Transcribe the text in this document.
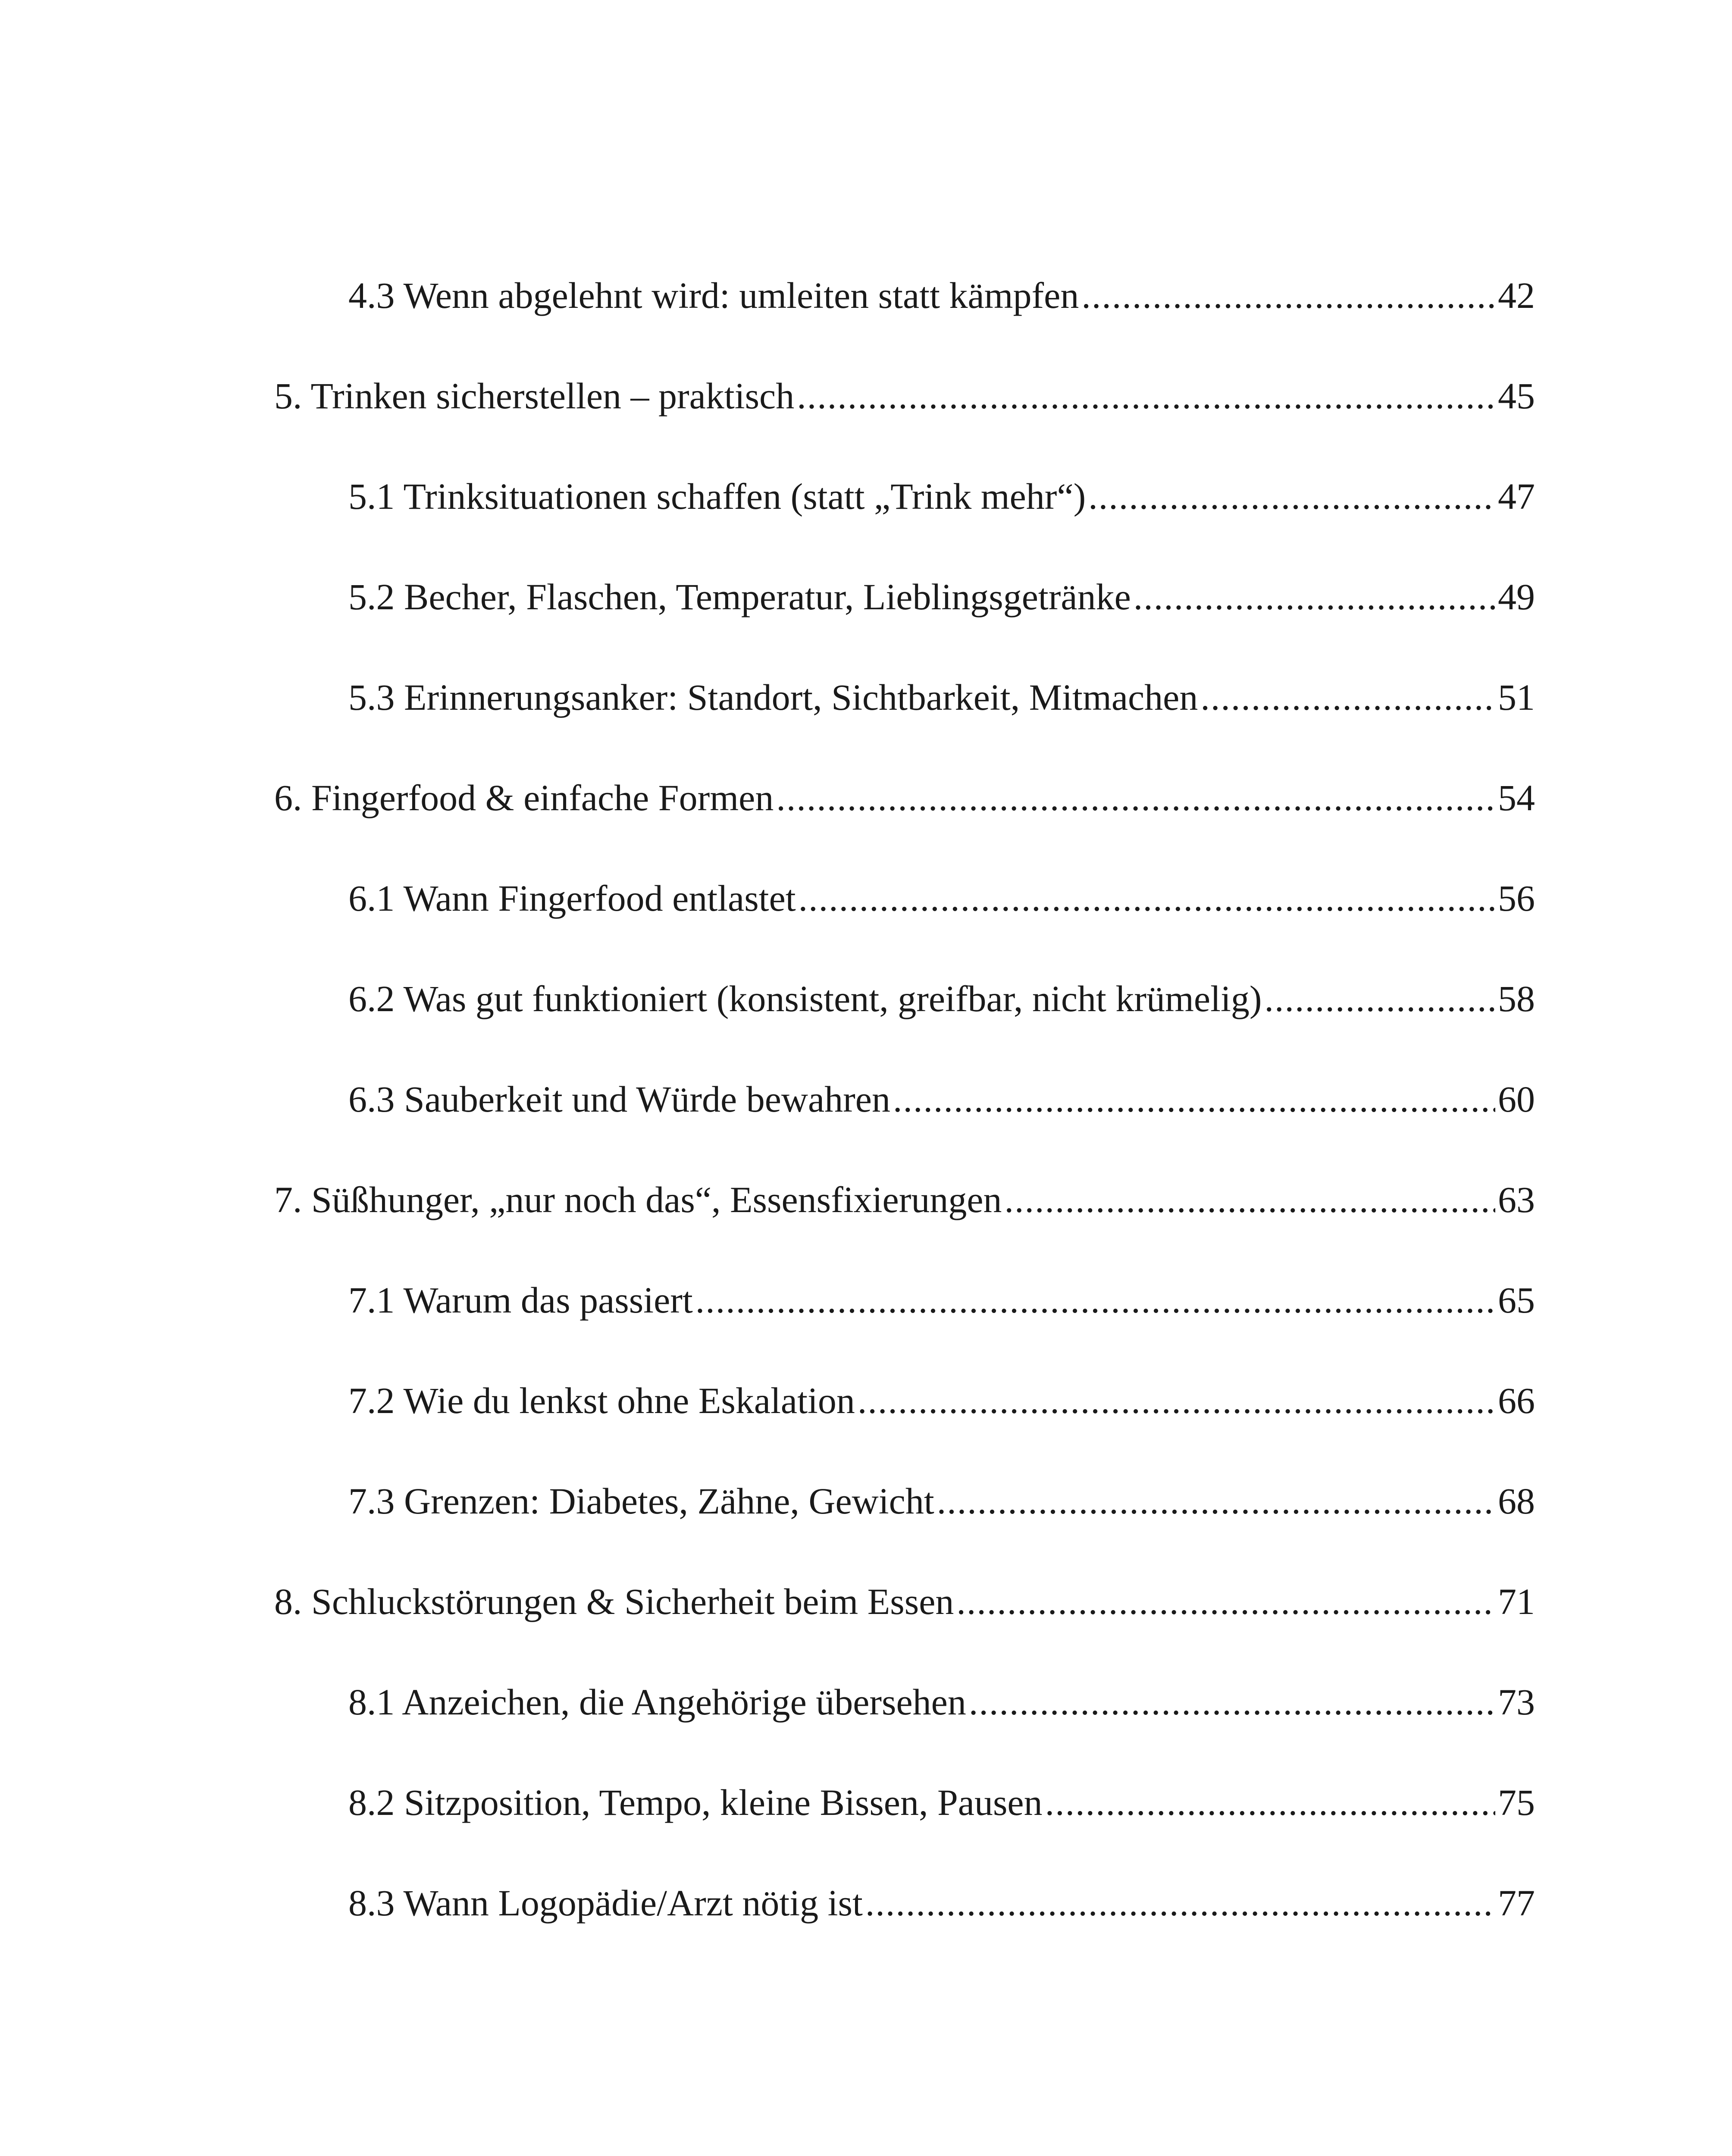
4.3 Wenn abgelehnt wird: umleiten statt kämpfen .....	42
5. Trinken sicherstellen – praktisch .....	45
5.1 Trinksituationen schaffen (statt „Trink mehr“) .....	47
5.2 Becher, Flaschen, Temperatur, Lieblingsgetränke .....	49
5.3 Erinnerungsanker: Standort, Sichtbarkeit, Mitmachen .....	51
6. Fingerfood & einfache Formen .....	54
6.1 Wann Fingerfood entlastet .....	56
6.2 Was gut funktioniert (konsistent, greifbar, nicht krümelig) .....	58
6.3 Sauberkeit und Würde bewahren .....	60
7. Süßhunger, „nur noch das“, Essensfixierungen .....	63
7.1 Warum das passiert .....	65
7.2 Wie du lenkst ohne Eskalation .....	66
7.3 Grenzen: Diabetes, Zähne, Gewicht .....	68
8. Schluckstörungen & Sicherheit beim Essen .....	71
8.1 Anzeichen, die Angehörige übersehen .....	73
8.2 Sitzposition, Tempo, kleine Bissen, Pausen .....	75
8.3 Wann Logopädie/Arzt nötig ist .....	77
